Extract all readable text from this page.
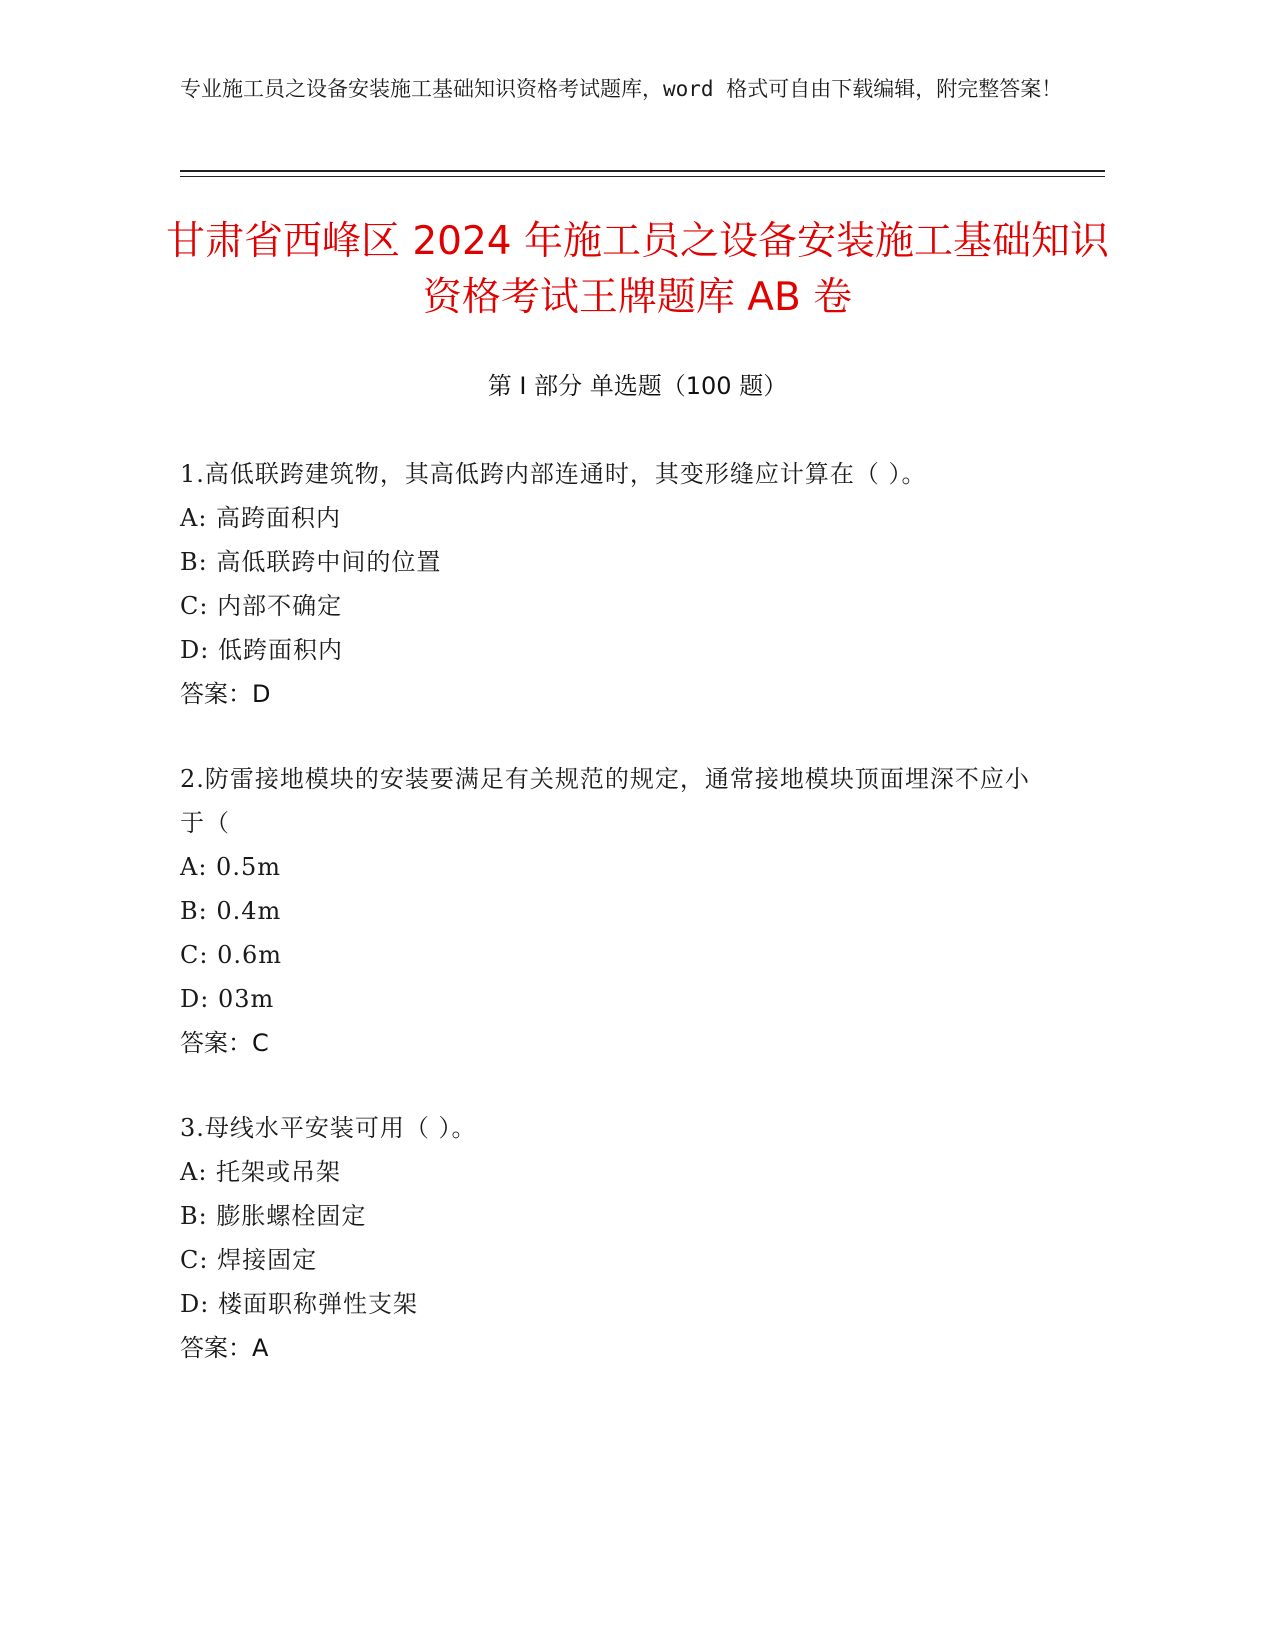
专业施工员之设备安装施工基础知识资格考试题库，word 格式可自由下载编辑，附完整答案！
甘肃省西峰区 2024 年施工员之设备安装施工基础知识资格考试王牌题库 AB 卷
第 I 部分 单选题（100 题）
1.高低联跨建筑物，其高低跨内部连通时，其变形缝应计算在（ ）。
A: 高跨面积内
B: 高低联跨中间的位置
C: 内部不确定
D: 低跨面积内
答案：D
2.防雷接地模块的安装要满足有关规范的规定，通常接地模块顶面埋深不应小于（
A: 0.5m
B: 0.4m
C: 0.6m
D: 03m
答案：C
3.母线水平安装可用（ ）。
A: 托架或吊架
B: 膨胀螺栓固定
C: 焊接固定
D: 楼面职称弹性支架
答案：A
